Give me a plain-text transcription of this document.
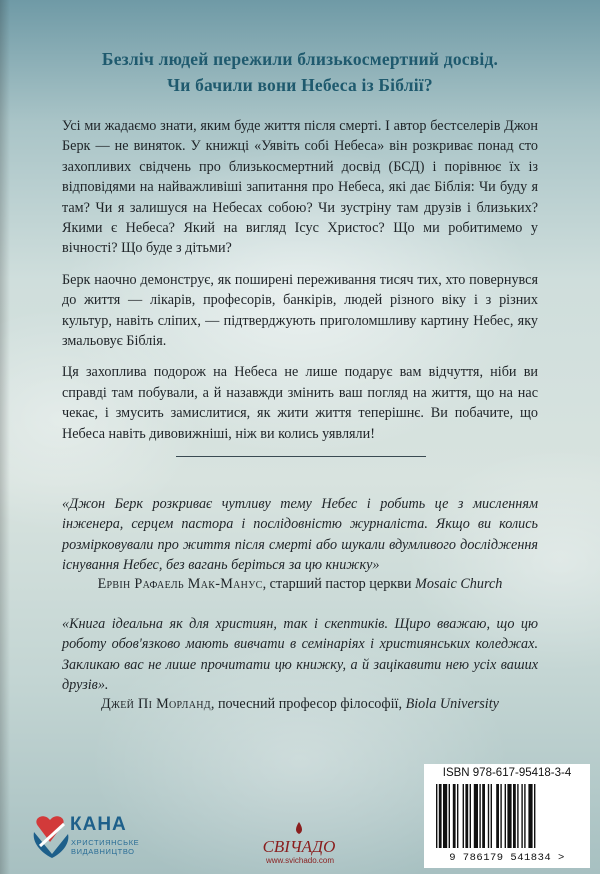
Безліч людей пережили близькосмертний досвід.
Чи бачили вони Небеса із Біблії?

Усі ми жадаємо знати, яким буде життя після смерті. І автор бестселерів Джон Берк — не виняток. У книжці «Уявіть собі Небеса» він розкриває понад сто захопливих свідчень про близькосмертний досвід (БСД) і порівнює їх із відповідями на найважливіші запитання про Небеса, які дає Біблія: Чи буду я там? Чи я залишуся на Небесах собою? Чи зустріну там друзів і близьких? Якими є Небеса? Який на вигляд Ісус Христос? Що ми робитимемо у вічності? Що буде з дітьми?

Берк наочно демонструє, як поширені переживання тисяч тих, хто повернувся до життя — лікарів, професорів, банкірів, людей різного віку і з різних культур, навіть сліпих, — підтверджують приголомшливу картину Небес, яку змальовує Біблія.

Ця захоплива подорож на Небеса не лише подарує вам відчуття, ніби ви справді там побували, а й назавжди змінить ваш погляд на життя, що на нас чекає, і змусить замислитися, як жити життя теперішнє. Ви побачите, що Небеса навіть дивовижніші, ніж ви колись уявляли!

«Джон Берк розкриває чутливу тему Небес і робить це з мисленням інженера, серцем пастора і послідовністю журналіста. Якщо ви колись розмірковували про життя після смерті або шукали вдумливого дослідження існування Небес, без вагань беріться за цю книжку»
Ервін Рафаель Мак-Манус, старший пастор церкви Mosaic Church
«Книга ідеальна як для християн, так і скептиків. Щиро вважаю, що цю роботу обов'язково мають вивчати в семінаріях і християнських коледжах. Закликаю вас не лише прочитати цю книжку, а й зацікавити нею усіх ваших друзів».
Джей Пі Морланд, почесний професор філософії, Biola University
КАНА
ХРИСТИЯНСЬКЕ ВИДАВНИЦТВО	СВІЧАДО
www.svichado.com
ISBN 978-617-95418-3-4
9 786179 541834 >
